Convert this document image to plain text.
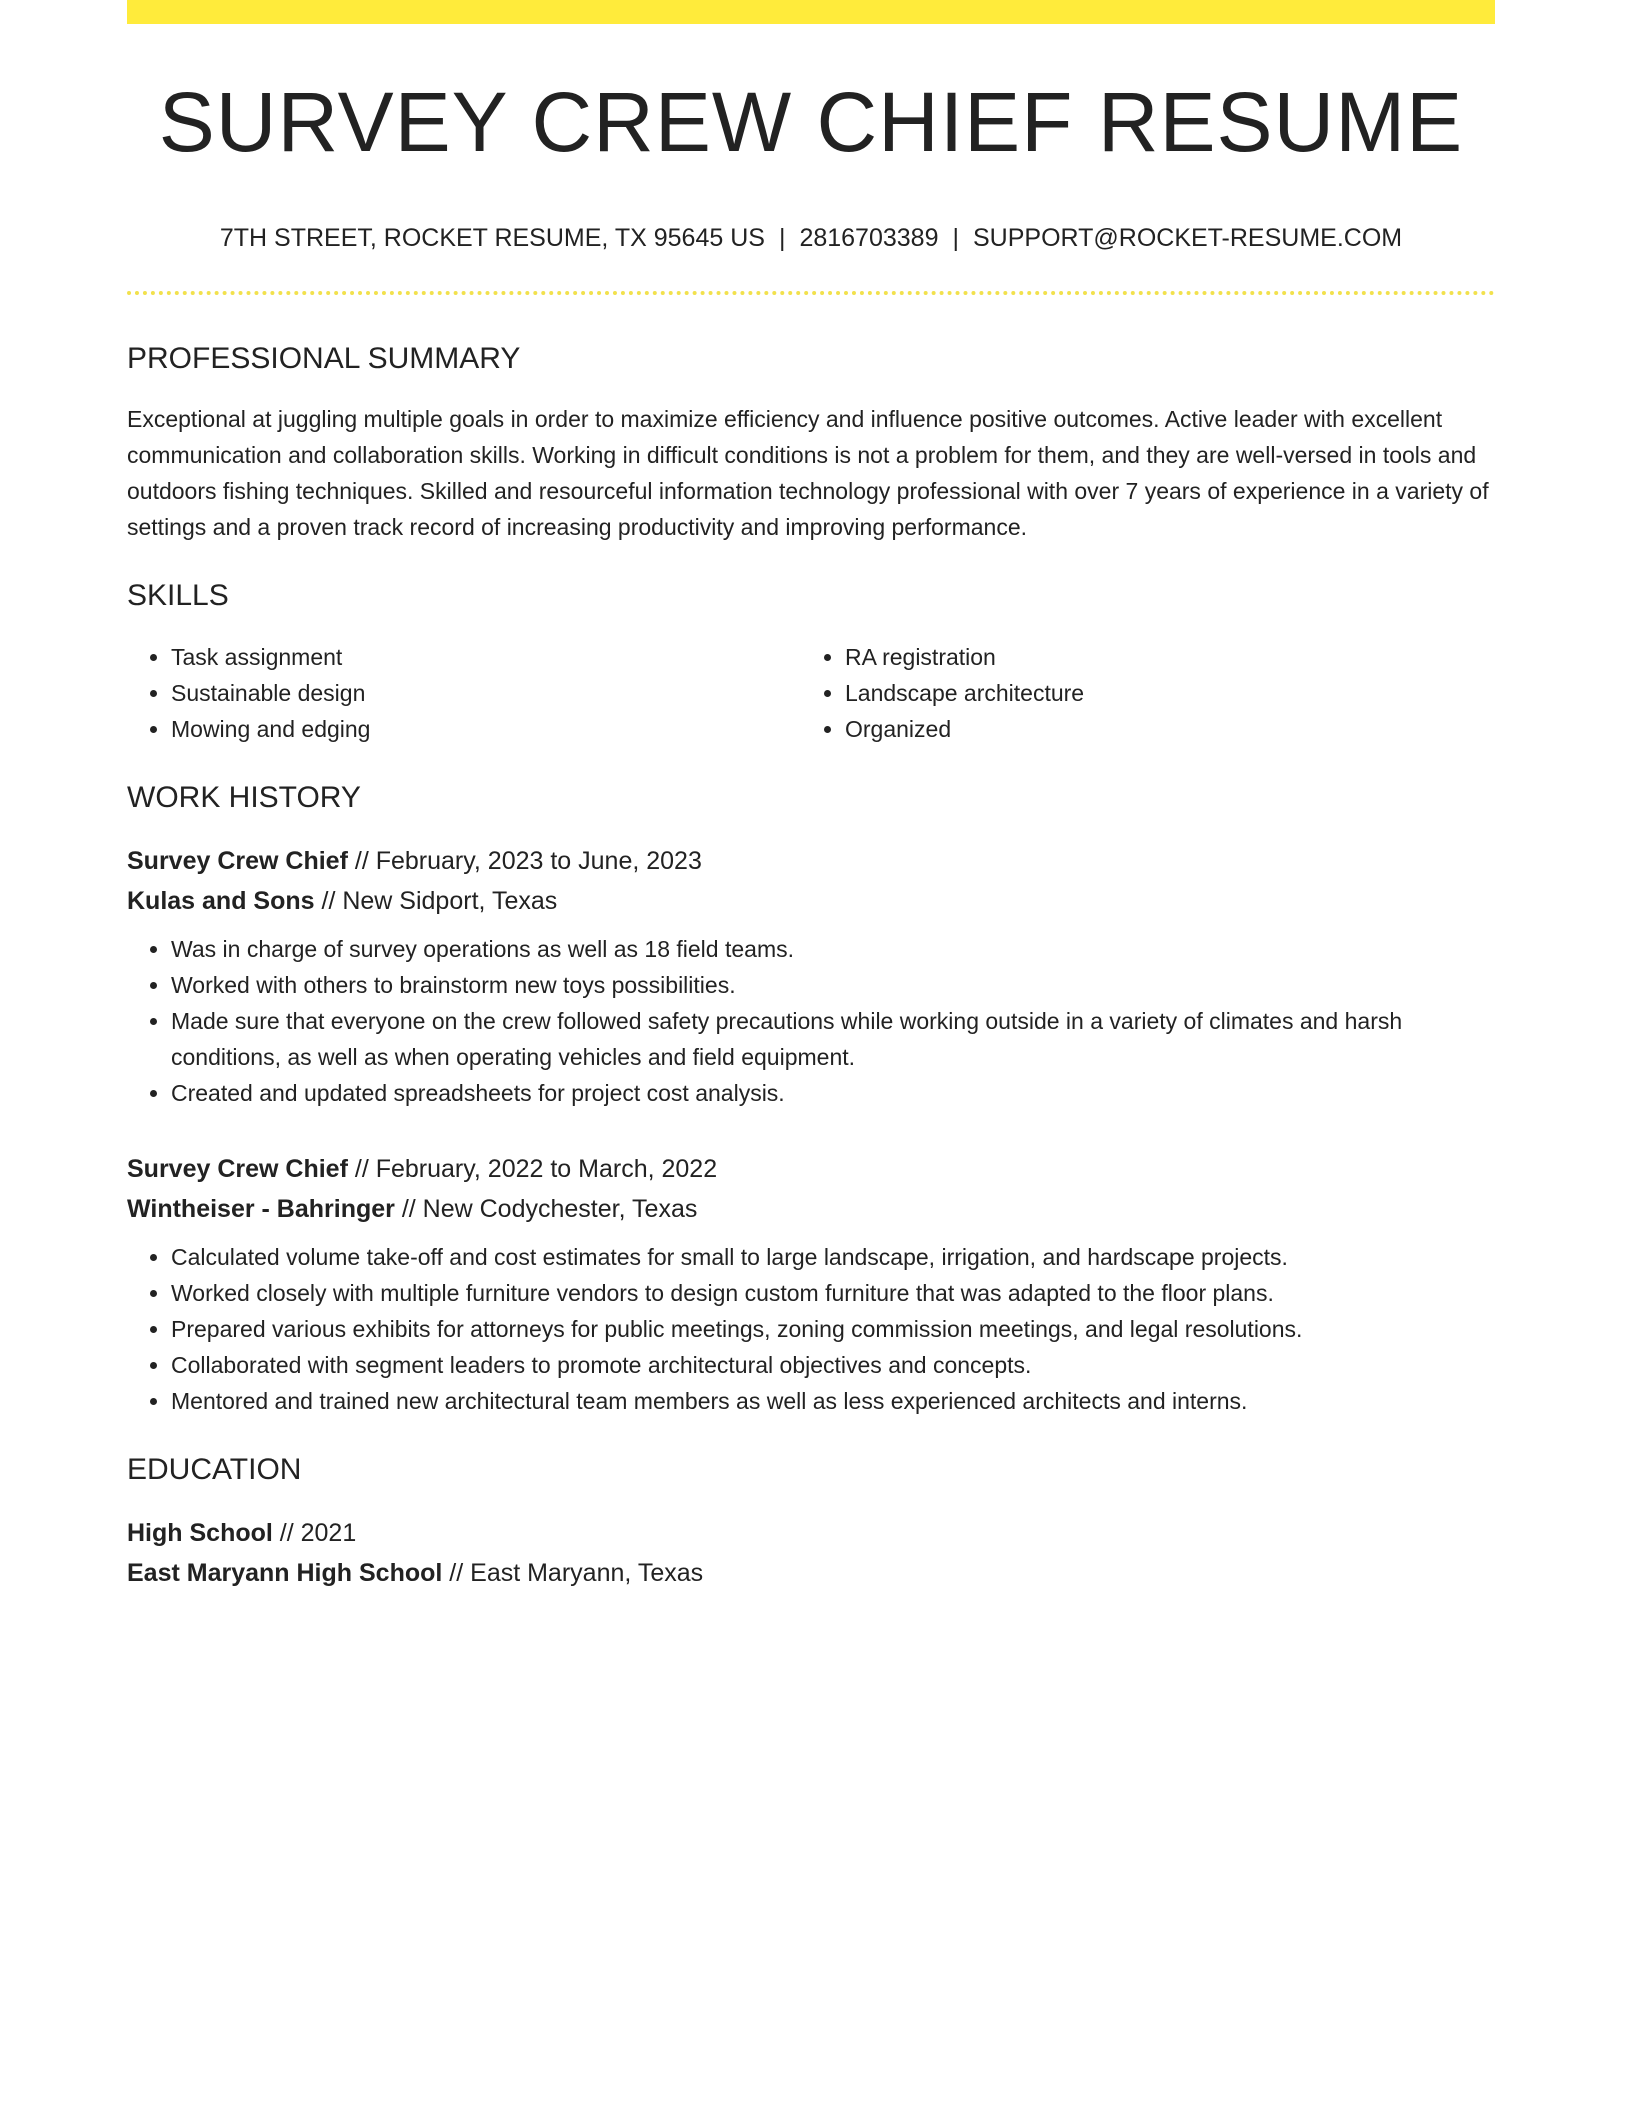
SURVEY CREW CHIEF RESUME
7TH STREET, ROCKET RESUME, TX 95645 US | 2816703389 | SUPPORT@ROCKET-RESUME.COM
PROFESSIONAL SUMMARY

Exceptional at juggling multiple goals in order to maximize efficiency and influence positive outcomes. Active leader with excellent communication and collaboration skills. Working in difficult conditions is not a problem for them, and they are well-versed in tools and outdoors fishing techniques. Skilled and resourceful information technology professional with over 7 years of experience in a variety of settings and a proven track record of increasing productivity and improving performance.

SKILLS
• Task assignment
• Sustainable design
• Mowing and edging
• RA registration
• Landscape architecture
• Organized
WORK HISTORY

Survey Crew Chief // February, 2023 to June, 2023

Kulas and Sons // New Sidport, Texas

• Was in charge of survey operations as well as 18 field teams.
• Worked with others to brainstorm new toys possibilities.
• Made sure that everyone on the crew followed safety precautions while working outside in a variety of climates and harsh conditions, as well as when operating vehicles and field equipment.
• Created and updated spreadsheets for project cost analysis.

Survey Crew Chief // February, 2022 to March, 2022

Wintheiser - Bahringer // New Codychester, Texas

• Calculated volume take-off and cost estimates for small to large landscape, irrigation, and hardscape projects.
• Worked closely with multiple furniture vendors to design custom furniture that was adapted to the floor plans.
• Prepared various exhibits for attorneys for public meetings, zoning commission meetings, and legal resolutions.
• Collaborated with segment leaders to promote architectural objectives and concepts.
• Mentored and trained new architectural team members as well as less experienced architects and interns.
EDUCATION

High School // 2021

East Maryann High School // East Maryann, Texas
